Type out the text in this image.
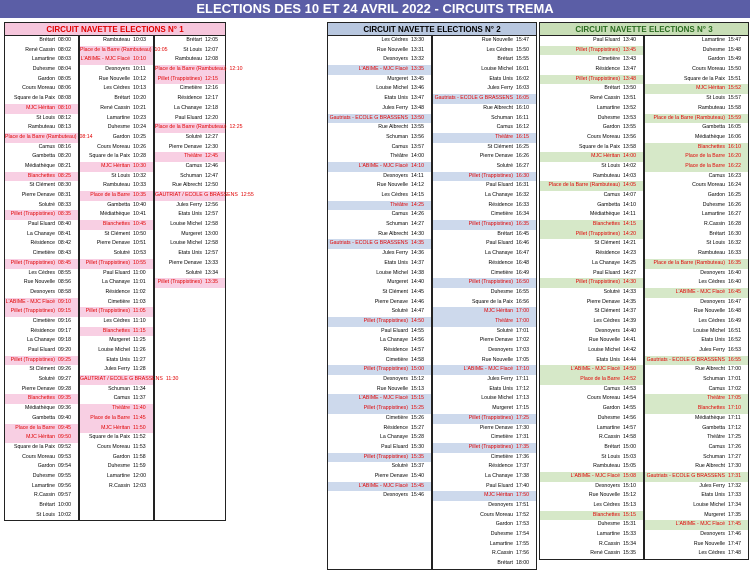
ELECTIONS DES 10 ET 24 AVRIL 2022 - CIRCUITS TREMA
CIRCUIT NAVETTE ELECTIONS N° 1
Brétart 08:00
René Cassin 08:02
Lamartine 08:03
Duhesme 08:04
Gardon 08:05
Cours Moreau 08:06
Square de la Paix 08:08
MJC Héritan 08:10
St Louis 08:12
Rambuteau 08:13
Place de la Barre (Rambuteau) 08:14
Camus 08:16
Gambetta 08:20
Médiathèque 08:21
Blanchettes 08:25
St Clément 08:30
Pierre Denave 08:31
Solutré 08:33
Pillet (Trappistines) 08:35
Paul Eluard 08:40
La Chanaye 08:41
Résidence 08:42
Cimetière 08:43
Pillet (Trappistines) 08:45
Les Cèdres 08:55
Rue Nouvelle 08:56
Desnoyers 08:58
L'ABIME - MJC Flacé 09:10
Pillet (Trappistines) 09:15
Cimetière 09:16
Résidence 09:17
La Chanaye 09:18
Paul Eluard 09:20
Pillet (Trappistines) 09:25
St Clément 09:26
Solutré 09:27
Pierre Denave 09:28
Blanchettes 09:35
Médiathèque 09:36
Gambetta 09:40
Place de la Barre 09:45
MJC Héritan 09:50
Square de la Paix 09:52
Cours Moreau 09:53
Gardon 09:54
Duhesme 09:55
Lamartine 09:56
R.Cassin 09:57
Brétart 10:00
St Louis 10:02
Rambuteau 10:03
Place de la Barre (Rambuteau) 10:05
L'ABIME - MJC Flacé 10:10
Desnoyers 10:11
Rue Nouvelle 10:12
Les Cèdres 10:13
Brétart 10:20
René Cassin 10:21
Lamartine 10:23
Duhesme 10:24
Gardon 10:25
Cours Moreau 10:26
Square de la Paix 10:28
MJC Héritan 10:30
St Louis 10:32
Rambuteau 10:33
Place de la Barre 10:35
Gambetta 10:40
Médiathèque 10:41
Blanchettes 10:45
St Clément 10:50
Pierre Denave 10:51
Solutré 10:53
Pillet (Trappistines) 10:55
Paul Eluard 11:00
La Chanaye 11:01
Résidence 11:02
Cimetière 11:03
Pillet (Trappistines) 11:05
Les Cèdres 11:10
Blanchettes 11:15
Murgeret 11:25
Louise Michel 11:26
Etats Unis 11:27
Jules Ferry 11:28
GAUTRIAT / ECOLE G BRASSENS 11:30
Schuman 11:34
Camus 11:37
Théâtre 11:40
Place de la Barre 11:45
MJC Héritan 11:50
Square de la Paix 11:52
Cours Moreau 11:53
Gardon 11:58
Duhesme 11:59
Lamartine 12:00
R.Cassin 12:03
Brétart 12:05
St Louis 12:07
Rambuteau 12:08
Place de la Barre (Rambuteau) 12:10
Pillet (Trappistines) 12:15
Cimetière 12:16
Résidence 12:17
La Chanaye 12:18
Paul Eluard 12:20
Place de la Barre (Rambuteau) 12:25
Solutré 12:27
Pierre Denave 12:30
Théâtre 12:45
Camus 12:46
Schuman 12:47
Rue Albrecht 12:50
GAUTRIAT / ECOLE G BRASSENS 12:55
Jules Ferry 12:56
Etats Unis 12:57
Louise Michel 12:58
Murgeret 13:00
Louise Michel 12:58
Etats Unis 12:57
Pierre Denave 13:33
Solutré 13:34
Pillet (Trappistines) 13:35
CIRCUIT NAVETTE ELECTIONS N° 2
Les Cèdres 13:30
Rue Nouvelle 13:31
Desnoyers 13:32
L'ABIME - MJC Flacé 13:35
Murgeret 13:45
Louise Michel 13:46
Etats Unis 13:47
Jules Ferry 13:48
Gautriats - ECOLE G BRASSENS 13:50
Rue Albrecht 13:55
Schuman 13:56
Camus 13:57
Théâtre 14:00
L'ABIME - MJC Flacé 14:10
Desnoyers 14:11
Rue Nouvelle 14:12
Les Cèdres 14:15
Théâtre 14:25
Camus 14:26
Schuman 14:27
Rue Albrecht 14:30
Gautriats - ECOLE G BRASSENS 14:35
Jules Ferry 14:36
Etats Unis 14:37
Louise Michel 14:38
Murgeret 14:40
St Clément 14:45
Pierre Denave 14:46
Solutré 14:47
Pillet (Trappistines) 14:50
Paul Eluard 14:55
La Chanaye 14:56
Résidence 14:57
Cimetière 14:58
Pillet (Trappistines) 15:00
Desnoyers 15:12
Rue Nouvelle 15:13
L'ABIME - MJC Flacé 15:15
Pillet (Trappistines) 15:25
Cimetière 15:26
Résidence 15:27
La Chanaye 15:28
Paul Eluard 15:30
Pillet (Trappistines) 15:35
Solutré 15:37
Pierre Denave 15:40
L'ABIME - MJC Flacé 15:45
Desnoyers 15:46
Rue Nouvelle 15:47
Les Cèdres 15:50
Brétart 15:55
Louise Michel 16:01
Etats Unis 16:02
Jules Ferry 16:03
Gautriats - ECOLE G BRASSENS 16:05
Rue Albrecht 16:10
Schuman 16:11
Camus 16:12
Théâtre 16:15
St Clément 16:25
Pierre Denave 16:26
Solutré 16:27
Pillet (Trappistines) 16:30
Paul Eluard 16:31
La Chanaye 16:32
Résidence 16:33
Cimetière 16:34
Pillet (Trappistines) 16:35
Brétart 16:45
Paul Eluard 16:46
La Chanaye 16:47
Résidence 16:48
Cimetière 16:49
Pillet (Trappistines) 16:50
Duhesme 16:55
Square de la Paix 16:56
MJC Héritan 17:00
Théâtre 17:00
Solutré 17:01
Pierre Denave 17:02
Desnoyers 17:03
Rue Nouvelle 17:05
L'ABIME - MJC Flacé 17:10
Jules Ferry 17:11
Etats Unis 17:12
Louise Michel 17:13
Murgeret 17:15
Pillet (Trappistines) 17:25
Pierre Denave 17:30
Cimetière 17:31
Pillet (Trappistines) 17:35
Cimetière 17:36
Résidence 17:37
La Chanaye 17:38
Paul Eluard 17:40
MJC Héritan 17:50
Desnoyers 17:51
Cours Moreau 17:52
Gardon 17:53
Duhesme 17:54
Lamartine 17:55
R.Cassin 17:56
Brétart 18:00
CIRCUIT NAVETTE ELECTIONS N° 3
Paul Eluard 13:40
Pillet (Trappistines) 13:45
Cimetière 13:43
Résidence 13:47
Pillet (Trappistines) 13:48
Brétart 13:50
René Cassin 13:51
Lamartine 13:52
Duhesme 13:53
Gardon 13:55
Cours Moreau 13:56
Square de la Paix 13:58
MJC Héritan 14:00
St Louis 14:02
Rambuteau 14:03
Place de la Barre (Rambuteau) 14:05
Camus 14:07
Gambetta 14:10
Médiathèque 14:11
Blanchettes 14:15
Pillet (Trappistines) 14:20
St Clément 14:21
Résidence 14:23
La Chanaye 14:25
Paul Eluard 14:27
Pillet (Trappistines) 14:30
Solutré 14:33
Pierre Denave 14:35
St Clément 14:37
Les Cèdres 14:39
Desnoyers 14:40
Rue Nouvelle 14:41
Louise Michel 14:42
Etats Unis 14:44
L'ABIME - MJC Flacé 14:50
Place de la Barre 14:52
Camus 14:53
Cours Moreau 14:54
Gardon 14:55
Duhesme 14:56
Lamartine 14:57
R.Cassin 14:58
Brétart 15:00
St Louis 15:03
Rambuteau 15:05
L'ABIME - MJC Flacé 15:08
Desnoyers 15:10
Rue Nouvelle 15:12
Les Cèdres 15:13
Blanchettes 15:15
Duhesme 15:31
Lamartine 15:33
R.Cassin 15:34
René Cassin 15:35
Lamartine 15:47
Duhesme 15:48
Gardon 15:49
Cours Moreau 15:50
Square de la Paix 15:51
MJC Héritan 15:52
St Louis 15:57
Rambuteau 15:58
Place de la Barre (Rambuteau) 15:59
Gambetta 16:05
Médiathèque 16:06
Blanchettes 16:10
Place de la Barre 16:20
Place de la Barre 16:22
Camus 16:23
Cours Moreau 16:24
Gardon 16:25
Duhesme 16:26
Lamartine 16:27
R.Cassin 16:28
Brétart 16:30
St Louis 16:32
Rambuteau 16:33
Place de la Barre (Rambuteau) 16:35
Desnoyers 16:40
Les Cèdres 16:40
L'ABIME - MJC Flacé 16:45
Desnoyers 16:47
Rue Nouvelle 16:48
Les Cèdres 16:49
Louise Michel 16:51
Etats Unis 16:52
Jules Ferry 16:53
Gautriats - ECOLE G BRASSENS 16:55
Rue Albrecht 17:00
Schuman 17:01
Camus 17:02
Théâtre 17:05
Blanchettes 17:10
Médiathèque 17:11
Gambetta 17:12
Théâtre 17:25
Camus 17:26
Schuman 17:27
Rue Albrecht 17:30
Gautriats - ECOLE G BRASSENS 17:31
Jules Ferry 17:32
Etats Unis 17:33
Louise Michel 17:34
Murgeret 17:35
L'ABIME - MJC Flacé 17:45
Desnoyers 17:46
Rue Nouvelle 17:47
Les Cèdres 17:48
